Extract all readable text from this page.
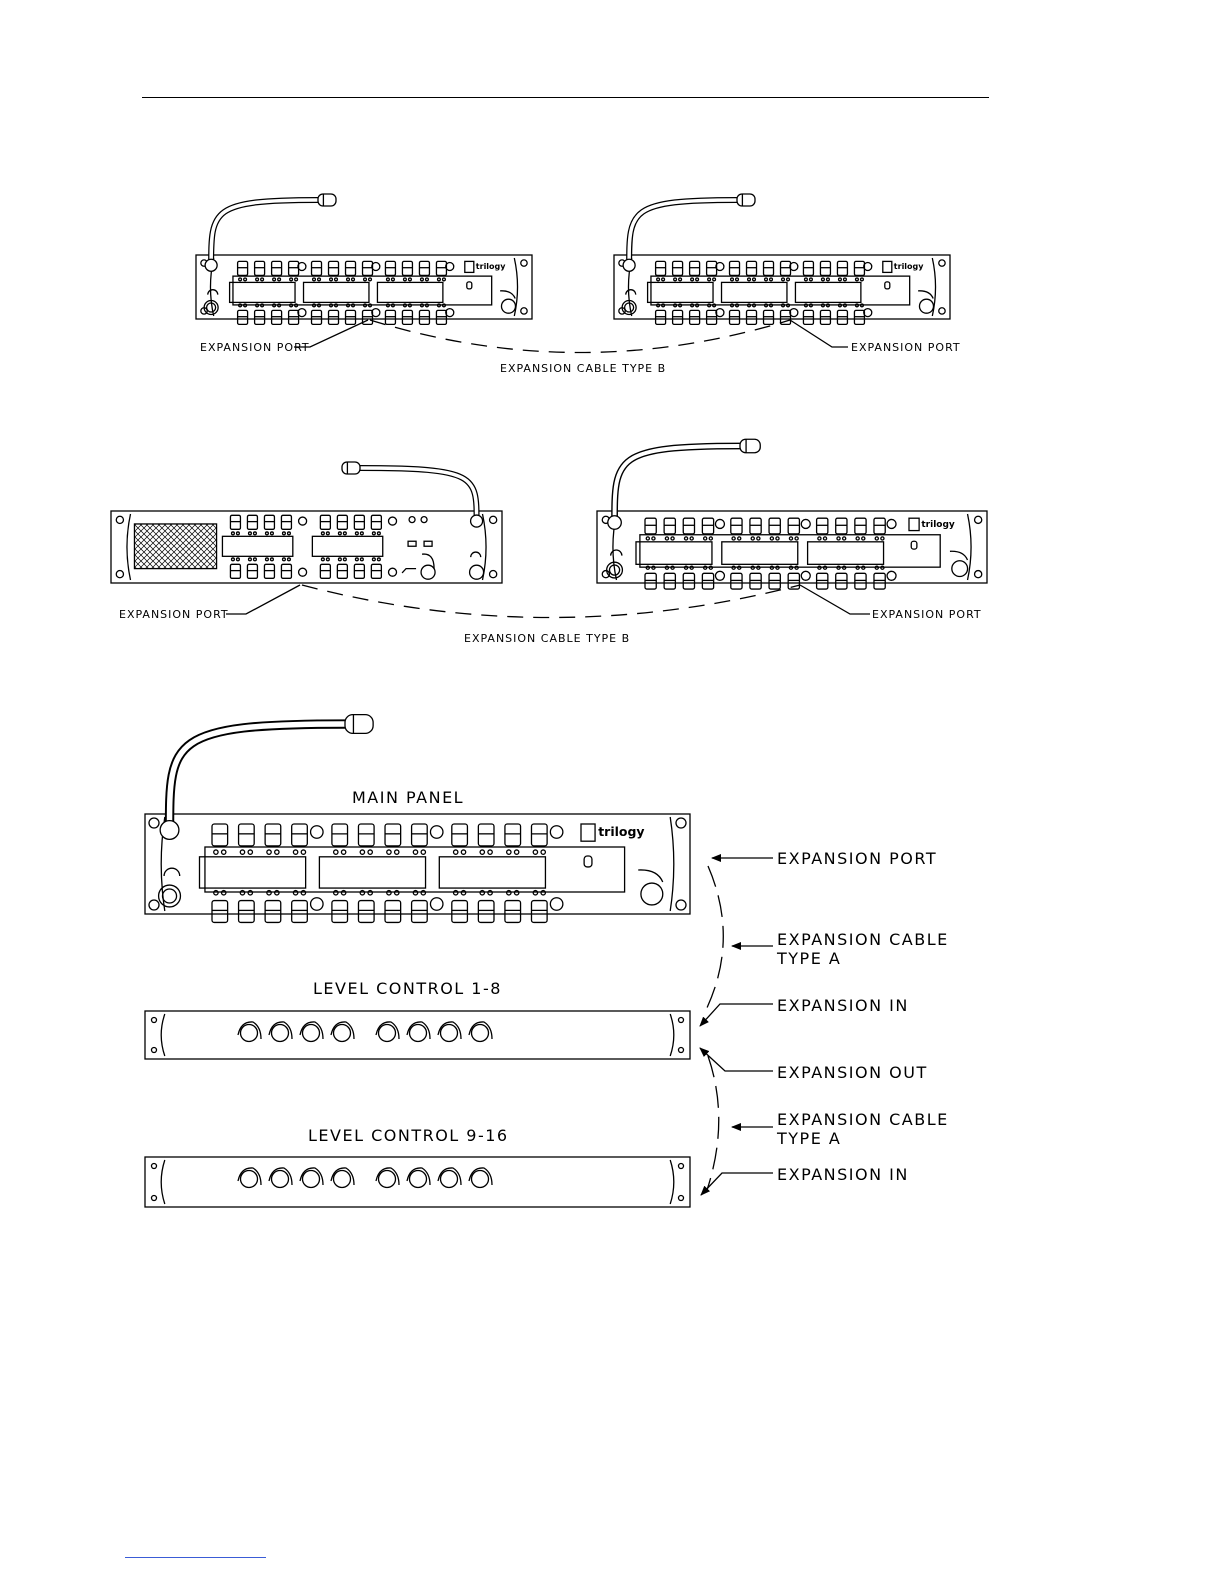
trilogy	trilogy
trilogy
trilogy
EXPANSION PORT	EXPANSION PORT
EXPANSION CABLE TYPE B
EXPANSION PORT	EXPANSION PORT
EXPANSION CABLE TYPE B
MAIN PANEL
LEVEL CONTROL 1-8
LEVEL CONTROL 9-16
EXPANSION PORT
EXPANSION CABLE
TYPE A
EXPANSION IN
EXPANSION OUT
EXPANSION CABLE
TYPE A
EXPANSION IN
